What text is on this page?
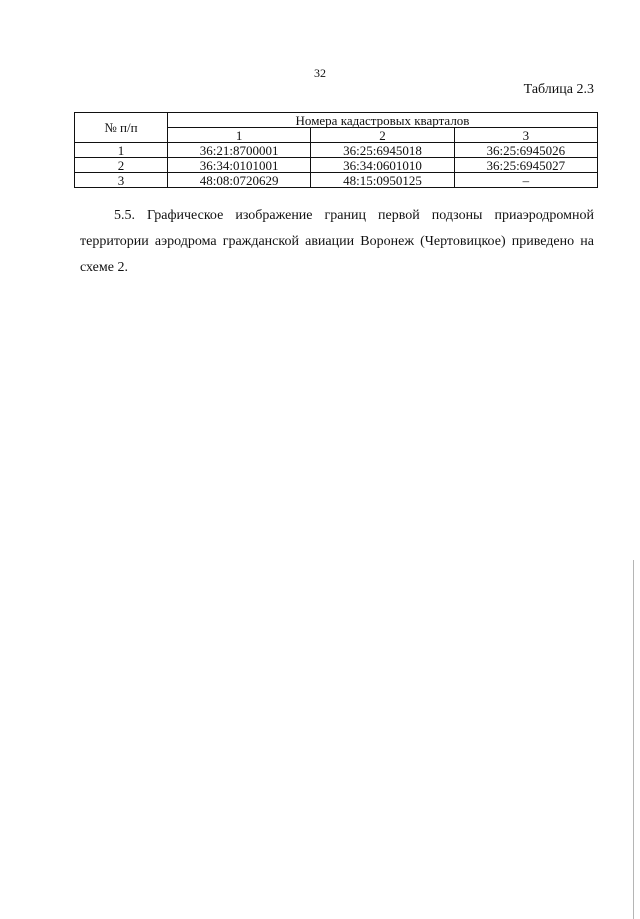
32
Таблица 2.3
№ п/п	Номера кадастровых кварталов		
	1	2	3
1	36:21:8700001	36:25:6945018	36:25:6945026
2	36:34:0101001	36:34:0601010	36:25:6945027
3	48:08:0720629	48:15:0950125	–

5.5. Графическое изображение границ первой подзоны приаэродромной территории аэродрома гражданской авиации Воронеж (Чертовицкое) приведено на схеме 2.
